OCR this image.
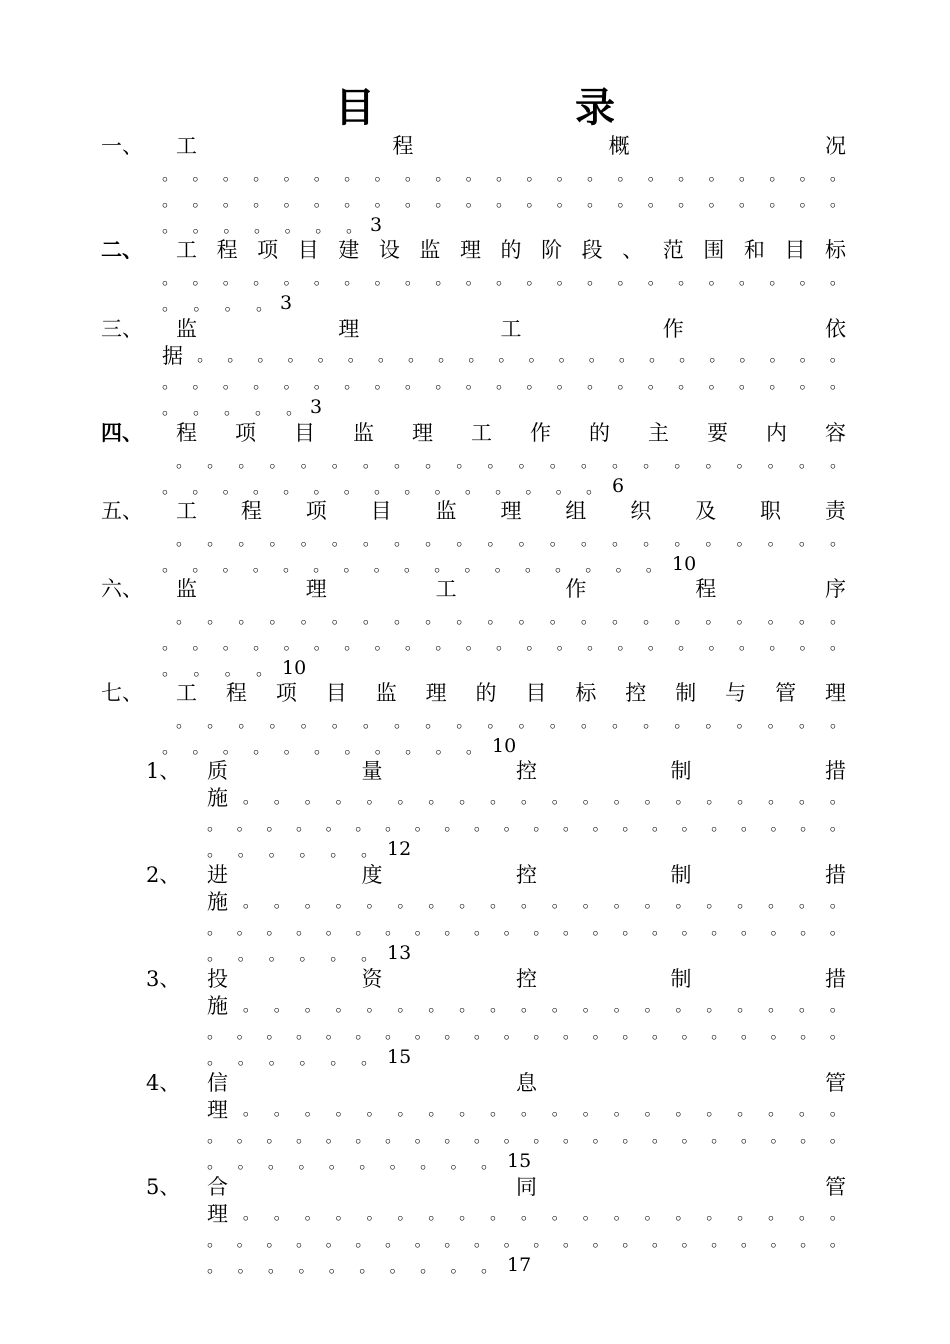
目　录
一、 工	程	概	况
。 。 。 。 。 。 。 。 。 。 。 。 。 。 。 。 。 。 。 。 。 。 。
。 。 。 。 。 。 。 。 。 。 。 。 。 。 。 。 。 。 。 。 。 。 。
。 。 。 。 。 。 。 3
二、 工 程 项 目 建 设 监 理 的 阶 段 、 范 围 和 目 标
。 。 。 。 。 。 。 。 。 。 。 。 。 。 。 。 。 。 。 。 。 。 。
。 。 。 。 3
三、 监	理	工	作	依
据 。 。 。 。 。 。 。 。 。 。 。 。 。 。 。 。 。 。 。 。 。 。
。 。 。 。 。 。 。 。 。 。 。 。 。 。 。 。 。 。 。 。 。 。 。
。 。 。 。 。 3
四、 程 项 目 监 理 工 作 的 主 要 内 容
。 。 。 。 。 。 。 。 。 。 。 。 。 。 。 。 。 。 。 。 。 。
。 。 。 。 。 。 。 。 。 。 。 。 。 。 。 6
五、 工 程 项 目 监 理 组 织 及 职 责
。 。 。 。 。 。 。 。 。 。 。 。 。 。 。 。 。 。 。 。 。 。
。 。 。 。 。 。 。 。 。 。 。 。 。 。 。 。 。 10
六、 监	理	工	作	程	序
。 。 。 。 。 。 。 。 。 。 。 。 。 。 。 。 。 。 。 。 。 。
。 。 。 。 。 。 。 。 。 。 。 。 。 。 。 。 。 。 。 。 。 。 。
。 。 。 。 10
七、 工 程 项 目 监 理 的 目 标 控 制 与 管 理
。 。 。 。 。 。 。 。 。 。 。 。 。 。 。 。 。 。 。 。 。 。
。 。 。 。 。 。 。 。 。 。 。 10
1、 质	量	控	制	措
施 。 。 。 。 。 。 。 。 。 。 。 。 。 。 。 。 。 。 。 。
。 。 。 。 。 。 。 。 。 。 。 。 。 。 。 。 。 。 。 。 。 。
。 。 。 。 。 。 12
2、 进	度	控	制	措
施 。 。 。 。 。 。 。 。 。 。 。 。 。 。 。 。 。 。 。 。
。 。 。 。 。 。 。 。 。 。 。 。 。 。 。 。 。 。 。 。 。 。
。 。 。 。 。 。 13
3、 投	资	控	制	措
施 。 。 。 。 。 。 。 。 。 。 。 。 。 。 。 。 。 。 。 。
。 。 。 。 。 。 。 。 。 。 。 。 。 。 。 。 。 。 。 。 。 。
。 。 。 。 。 。 15
4、 信	息	管
理 。 。 。 。 。 。 。 。 。 。 。 。 。 。 。 。 。 。 。 。
。 。 。 。 。 。 。 。 。 。 。 。 。 。 。 。 。 。 。 。 。 。
。 。 。 。 。 。 。 。 。 。 15
5、 合	同	管
理 。 。 。 。 。 。 。 。 。 。 。 。 。 。 。 。 。 。 。 。
。 。 。 。 。 。 。 。 。 。 。 。 。 。 。 。 。 。 。 。 。 。
。 。 。 。 。 。 。 。 。 。 17
